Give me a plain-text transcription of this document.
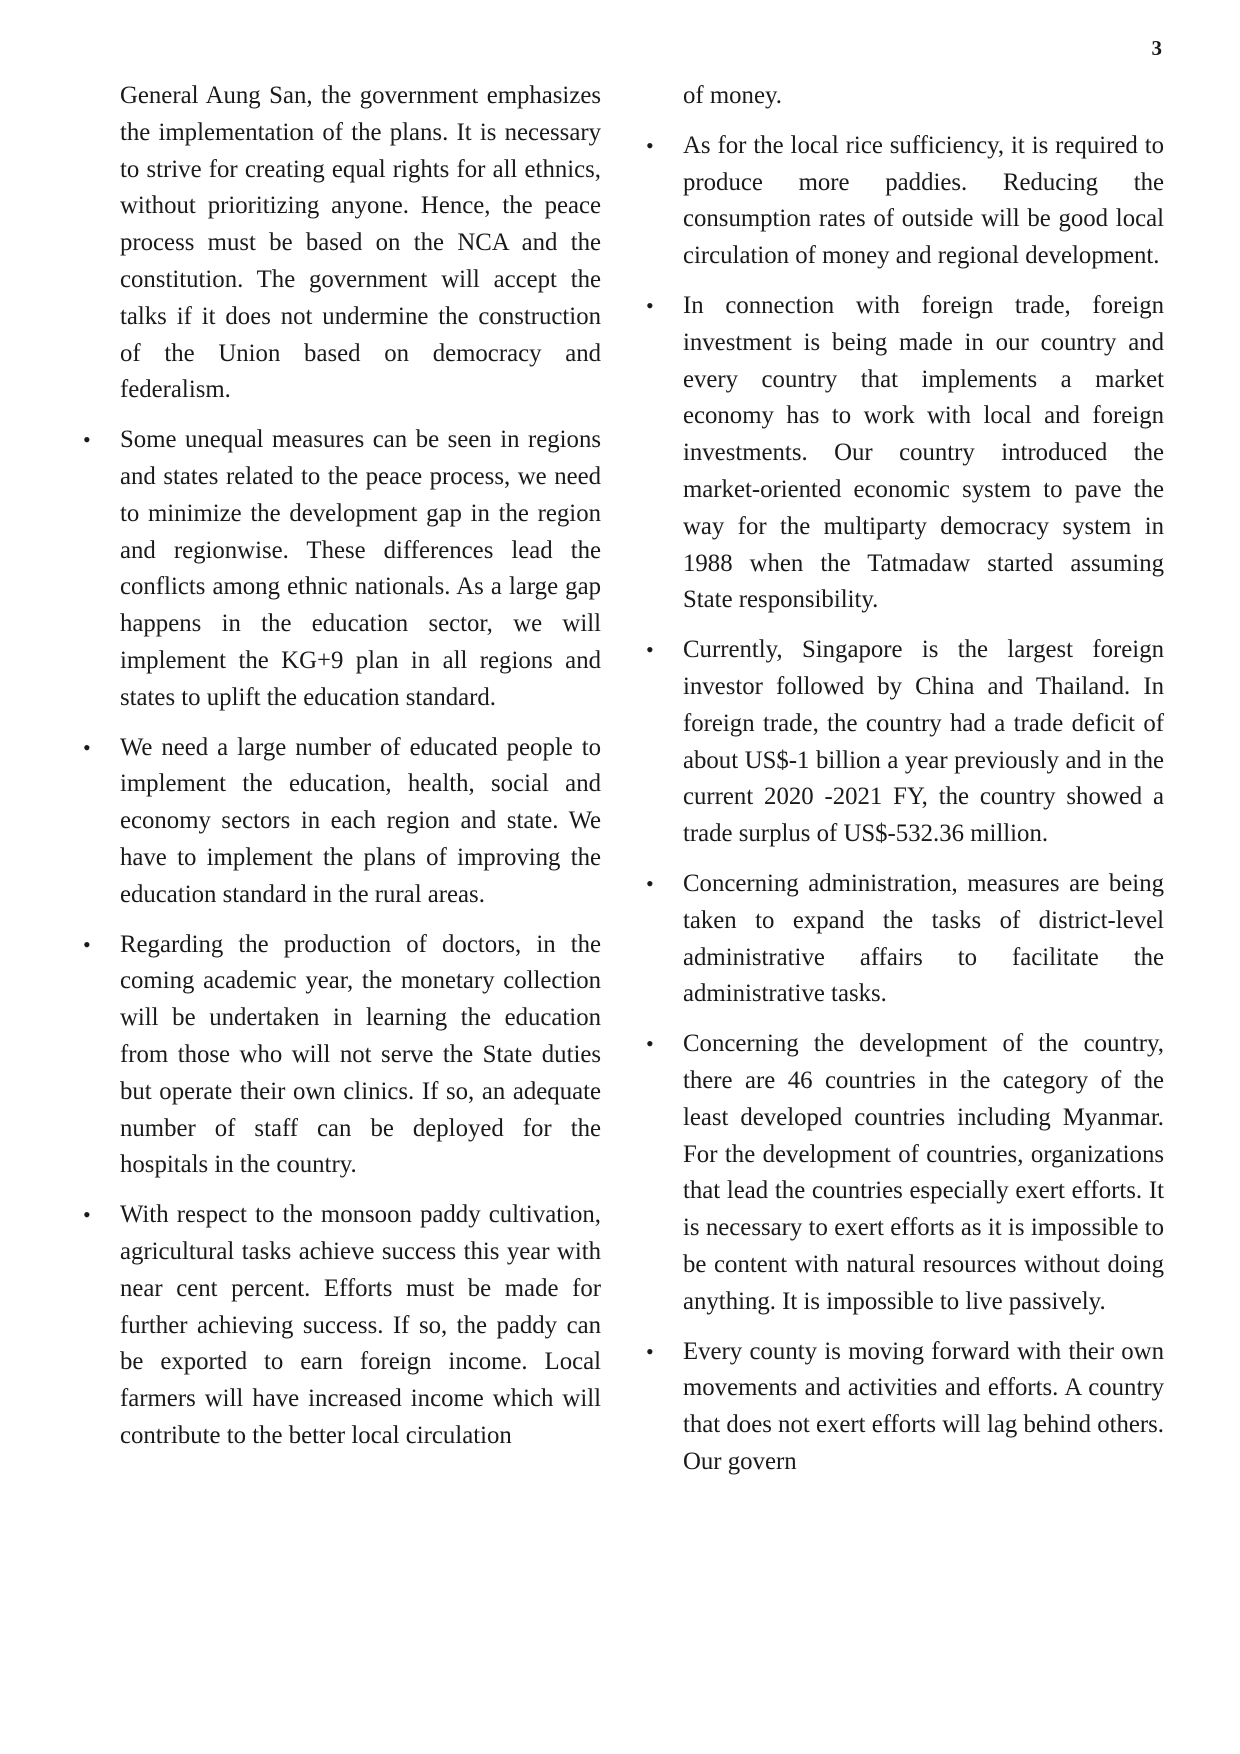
3

General Aung San, the government emphasizes the implementation of the plans. It is necessary to strive for creating equal rights for all ethnics, without prioritizing anyone. Hence, the peace process must be based on the NCA and the constitution. The government will accept the talks if it does not undermine the construction of the Union based on democracy and federalism.

• Some unequal measures can be seen in regions and states related to the peace process, we need to minimize the development gap in the region and regionwise. These differences lead the conflicts among ethnic nationals. As a large gap happens in the education sector, we will implement the KG+9 plan in all regions and states to uplift the education standard.

• We need a large number of educated people to implement the education, health, social and economy sectors in each region and state. We have to implement the plans of improving the education standard in the rural areas.

• Regarding the production of doctors, in the coming academic year, the monetary collection will be undertaken in learning the education from those who will not serve the State duties but operate their own clinics. If so, an adequate number of staff can be deployed for the hospitals in the country.

• With respect to the monsoon paddy cultivation, agricultural tasks achieve success this year with near cent percent. Efforts must be made for further achieving success. If so, the paddy can be exported to earn foreign income. Local farmers will have increased income which will contribute to the better local circulation

of money.

• As for the local rice sufficiency, it is required to produce more paddies. Reducing the consumption rates of outside will be good local circulation of money and regional development.

• In connection with foreign trade, foreign investment is being made in our country and every country that implements a market economy has to work with local and foreign investments. Our country introduced the market-oriented economic system to pave the way for the multiparty democracy system in 1988 when the Tatmadaw started assuming State responsibility.

• Currently, Singapore is the largest foreign investor followed by China and Thailand. In foreign trade, the country had a trade deficit of about US$-1 billion a year previously and in the current 2020 -2021 FY, the country showed a trade surplus of US$-532.36 million.

• Concerning administration, measures are being taken to expand the tasks of district-level administrative affairs to facilitate the administrative tasks.

• Concerning the development of the country, there are 46 countries in the category of the least developed countries including Myanmar. For the development of countries, organizations that lead the countries especially exert efforts. It is necessary to exert efforts as it is impossible to be content with natural resources without doing anything. It is impossible to live passively.

• Every county is moving forward with their own movements and activities and efforts. A country that does not exert efforts will lag behind others. Our govern
